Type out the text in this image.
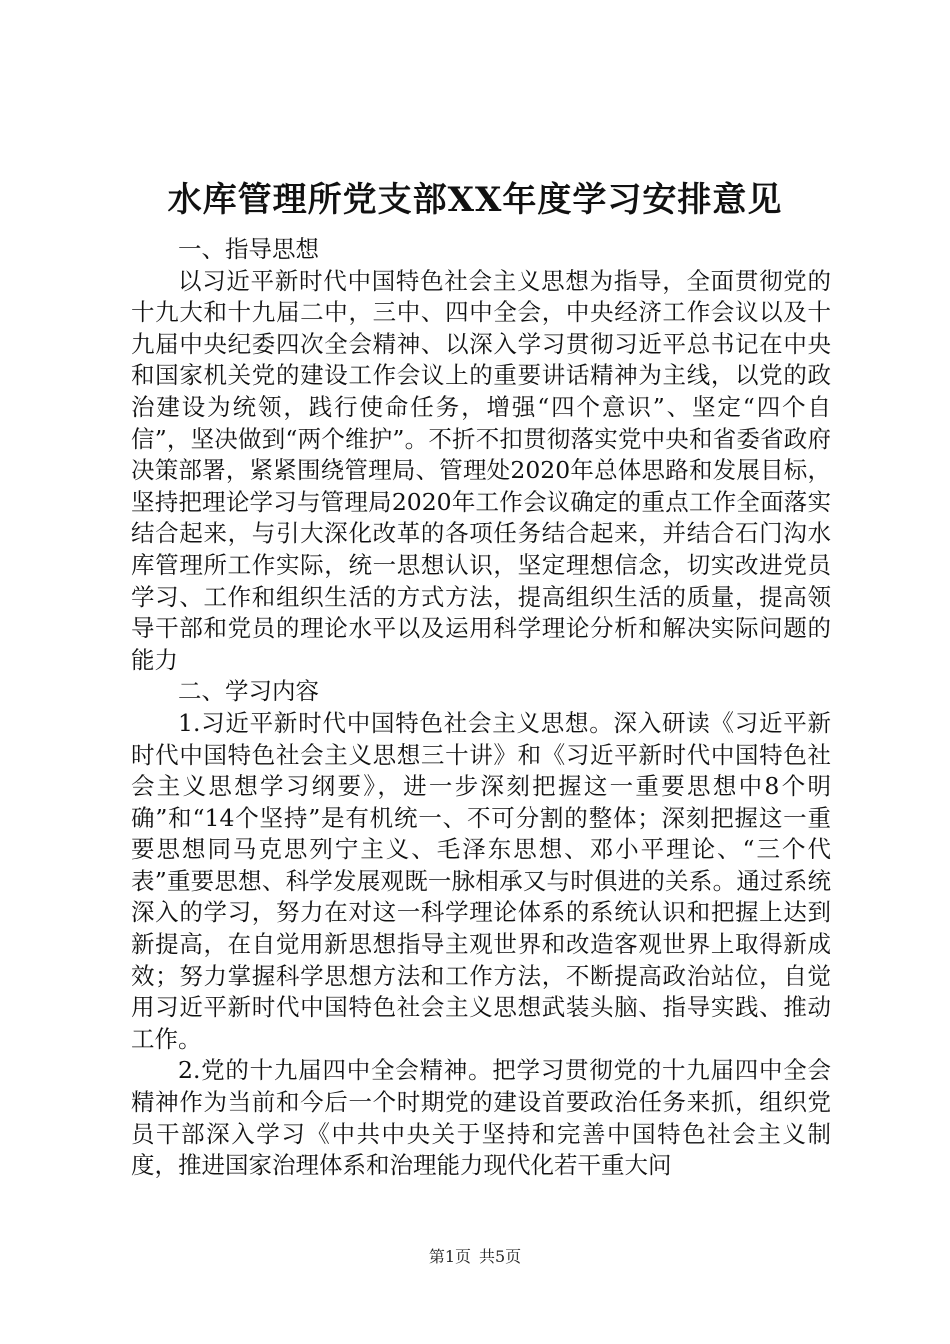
水库管理所党支部XX年度学习安排意见

一、指导思想

以习近平新时代中国特色社会主义思想为指导，全面贯彻党的十九大和十九届二中，三中、四中全会，中央经济工作会议以及十九届中央纪委四次全会精神、以深入学习贯彻习近平总书记在中央和国家机关党的建设工作会议上的重要讲话精神为主线，以党的政治建设为统领，践行使命任务，增强“四个意识”、坚定“四个自信”，坚决做到“两个维护”。不折不扣贯彻落实党中央和省委省政府决策部署，紧紧围绕管理局、管理处2020年总体思路和发展目标，坚持把理论学习与管理局2020年工作会议确定的重点工作全面落实结合起来，与引大深化改革的各项任务结合起来，并结合石门沟水库管理所工作实际，统一思想认识，坚定理想信念，切实改进党员学习、工作和组织生活的方式方法，提高组织生活的质量，提高领导干部和党员的理论水平以及运用科学理论分析和解决实际问题的能力

二、学习内容

1.习近平新时代中国特色社会主义思想。深入研读《习近平新时代中国特色社会主义思想三十讲》和《习近平新时代中国特色社会主义思想学习纲要》，进一步深刻把握这一重要思想中8个明确”和“14个坚持”是有机统一、不可分割的整体；深刻把握这一重要思想同马克思列宁主义、毛泽东思想、邓小平理论、“三个代表”重要思想、科学发展观既一脉相承又与时俱进的关系。通过系统深入的学习，努力在对这一科学理论体系的系统认识和把握上达到新提高，在自觉用新思想指导主观世界和改造客观世界上取得新成效；努力掌握科学思想方法和工作方法，不断提高政治站位，自觉用习近平新时代中国特色社会主义思想武装头脑、指导实践、推动工作。

2.党的十九届四中全会精神。把学习贯彻党的十九届四中全会精神作为当前和今后一个时期党的建设首要政治任务来抓，组织党员干部深入学习《中共中央关于坚持和完善中国特色社会主义制度，推进国家治理体系和治理能力现代化若干重大问

第1页 共5页
